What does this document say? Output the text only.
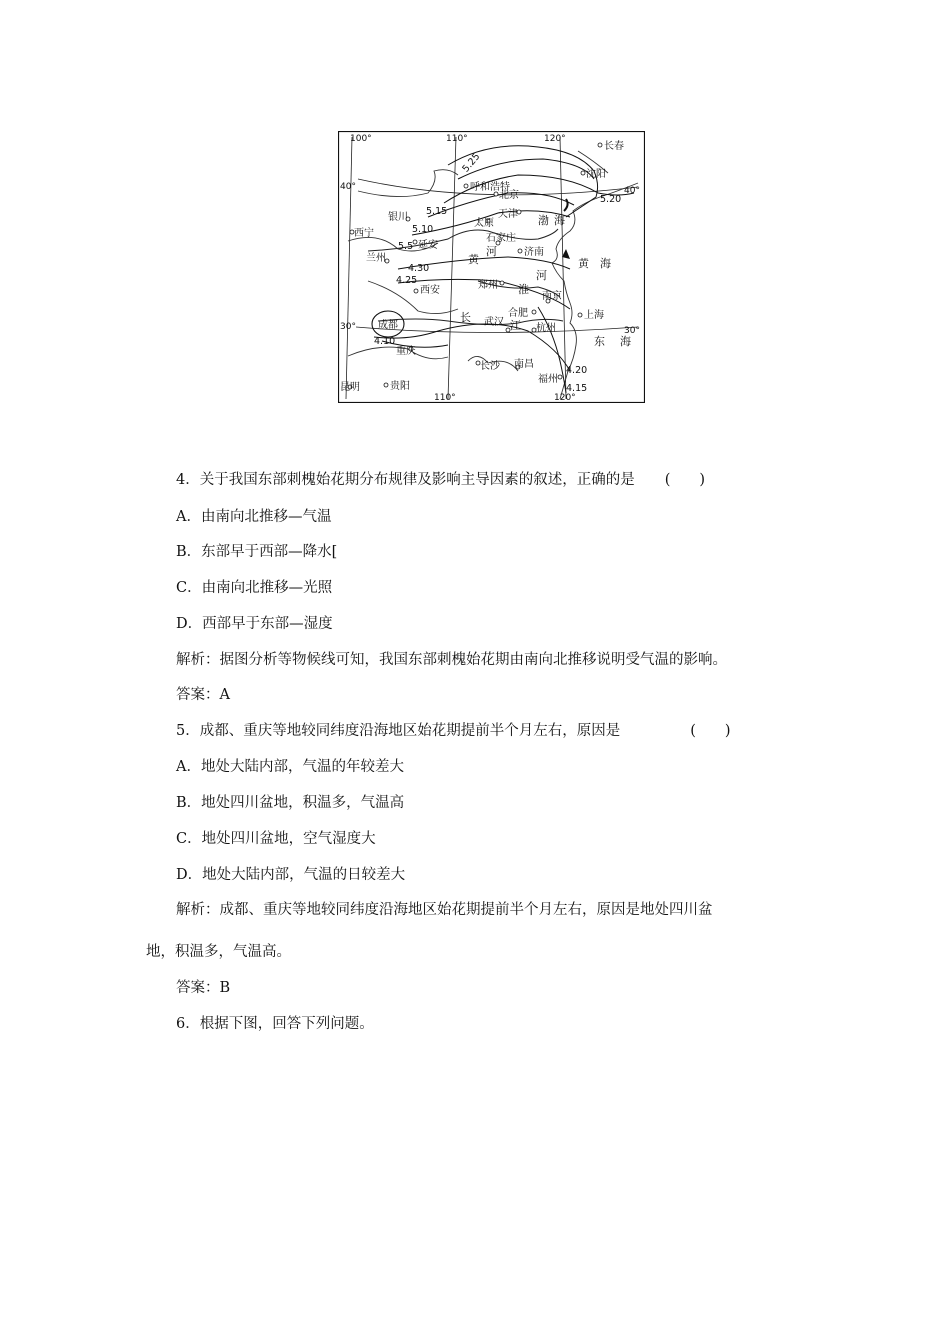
100°	110°	120°
110°	120°
40°	40°
30°	30°
长春
沈阳
呼和浩特
北京
天津
银川
太原
西宁
延安
石家庄
济南
兰州
西安	郑州
南京
合肥	上海
成都	武汉
杭州
重庆
长沙 南昌
福州
昆明	贵阳
渤 海
黄 海
东 海
黄
河
淮
河
长
江
5.25
5.20
5.15
5.10
5.5
4.30
4.25
4.10
4.20
4.15
4．关于我国东部刺槐始花期分布规律及影响主导因素的叙述，正确的是 (　　)
A．由南向北推移—气温
B．东部早于西部—降水[
C．由南向北推移—光照
D．西部早于东部—湿度
解析：据图分析等物候线可知，我国东部刺槐始花期由南向北推移说明受气温的影响。
答案：A
5．成都、重庆等地较同纬度沿海地区始花期提前半个月左右，原因是	(　　)
A．地处大陆内部，气温的年较差大
B．地处四川盆地，积温多，气温高
C．地处四川盆地，空气湿度大
D．地处大陆内部，气温的日较差大
解析：成都、重庆等地较同纬度沿海地区始花期提前半个月左右，原因是地处四川盆
地，积温多，气温高。
答案：B
6．根据下图，回答下列问题。
